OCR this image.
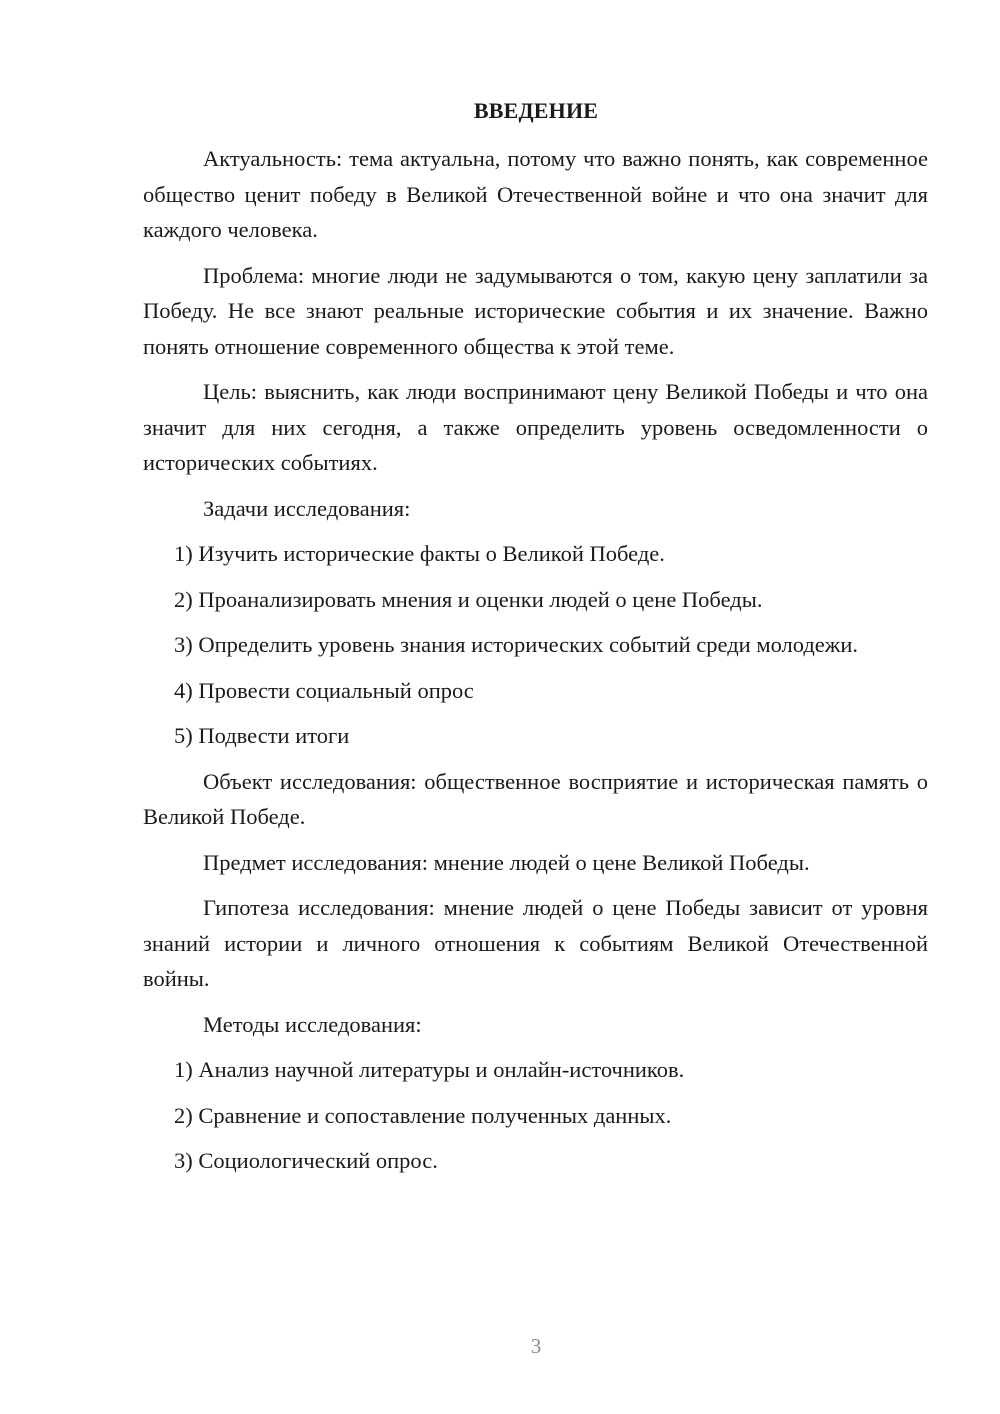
ВВЕДЕНИЕ

Актуальность: тема актуальна, потому что важно понять, как современное общество ценит победу в Великой Отечественной войне и что она значит для каждого человека.

Проблема: многие люди не задумываются о том, какую цену заплатили за Победу. Не все знают реальные исторические события и их значение. Важно понять отношение современного общества к этой теме.

Цель: выяснить, как люди воспринимают цену Великой Победы и что она значит для них сегодня, а также определить уровень осведомленности о исторических событиях.

Задачи исследования:

1) Изучить исторические факты о Великой Победе.
2) Проанализировать мнения и оценки людей о цене Победы.
3) Определить уровень знания исторических событий среди молодежи.
4) Провести социальный опрос
5) Подвести итоги

Объект исследования: общественное восприятие и историческая память о Великой Победе.

Предмет исследования: мнение людей о цене Великой Победы.

Гипотеза исследования: мнение людей о цене Победы зависит от уровня знаний истории и личного отношения к событиям Великой Отечественной войны.

Методы исследования:

1) Анализ научной литературы и онлайн-источников.
2) Сравнение и сопоставление полученных данных.
3) Социологический опрос.
3
